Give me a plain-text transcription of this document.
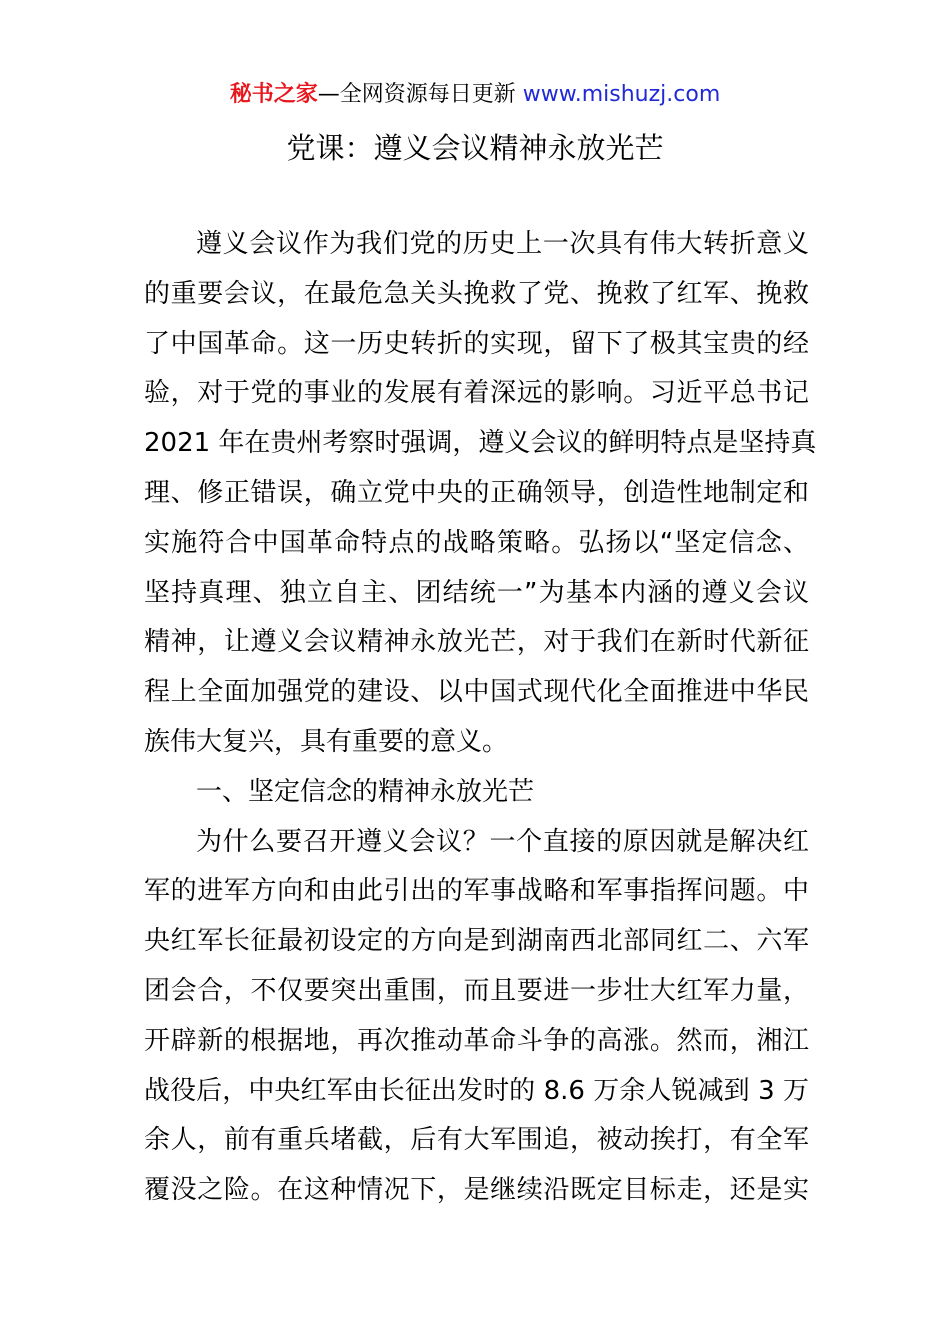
秘书之家—全网资源每日更新 www.mishuzj.com
党课：遵义会议精神永放光芒
遵义会议作为我们党的历史上一次具有伟大转折意义
的重要会议，在最危急关头挽救了党、挽救了红军、挽救
了中国革命。这一历史转折的实现，留下了极其宝贵的经
验，对于党的事业的发展有着深远的影响。习近平总书记
2021 年在贵州考察时强调，遵义会议的鲜明特点是坚持真
理、修正错误，确立党中央的正确领导，创造性地制定和
实施符合中国革命特点的战略策略。弘扬以“坚定信念、
坚持真理、独立自主、团结统一”为基本内涵的遵义会议
精神，让遵义会议精神永放光芒，对于我们在新时代新征
程上全面加强党的建设、以中国式现代化全面推进中华民
族伟大复兴，具有重要的意义。
一、坚定信念的精神永放光芒
为什么要召开遵义会议？一个直接的原因就是解决红
军的进军方向和由此引出的军事战略和军事指挥问题。中
央红军长征最初设定的方向是到湖南西北部同红二、六军
团会合，不仅要突出重围，而且要进一步壮大红军力量，
开辟新的根据地，再次推动革命斗争的高涨。然而，湘江
战役后，中央红军由长征出发时的 8.6 万余人锐减到 3 万
余人，前有重兵堵截，后有大军围追，被动挨打，有全军
覆没之险。在这种情况下，是继续沿既定目标走，还是实
